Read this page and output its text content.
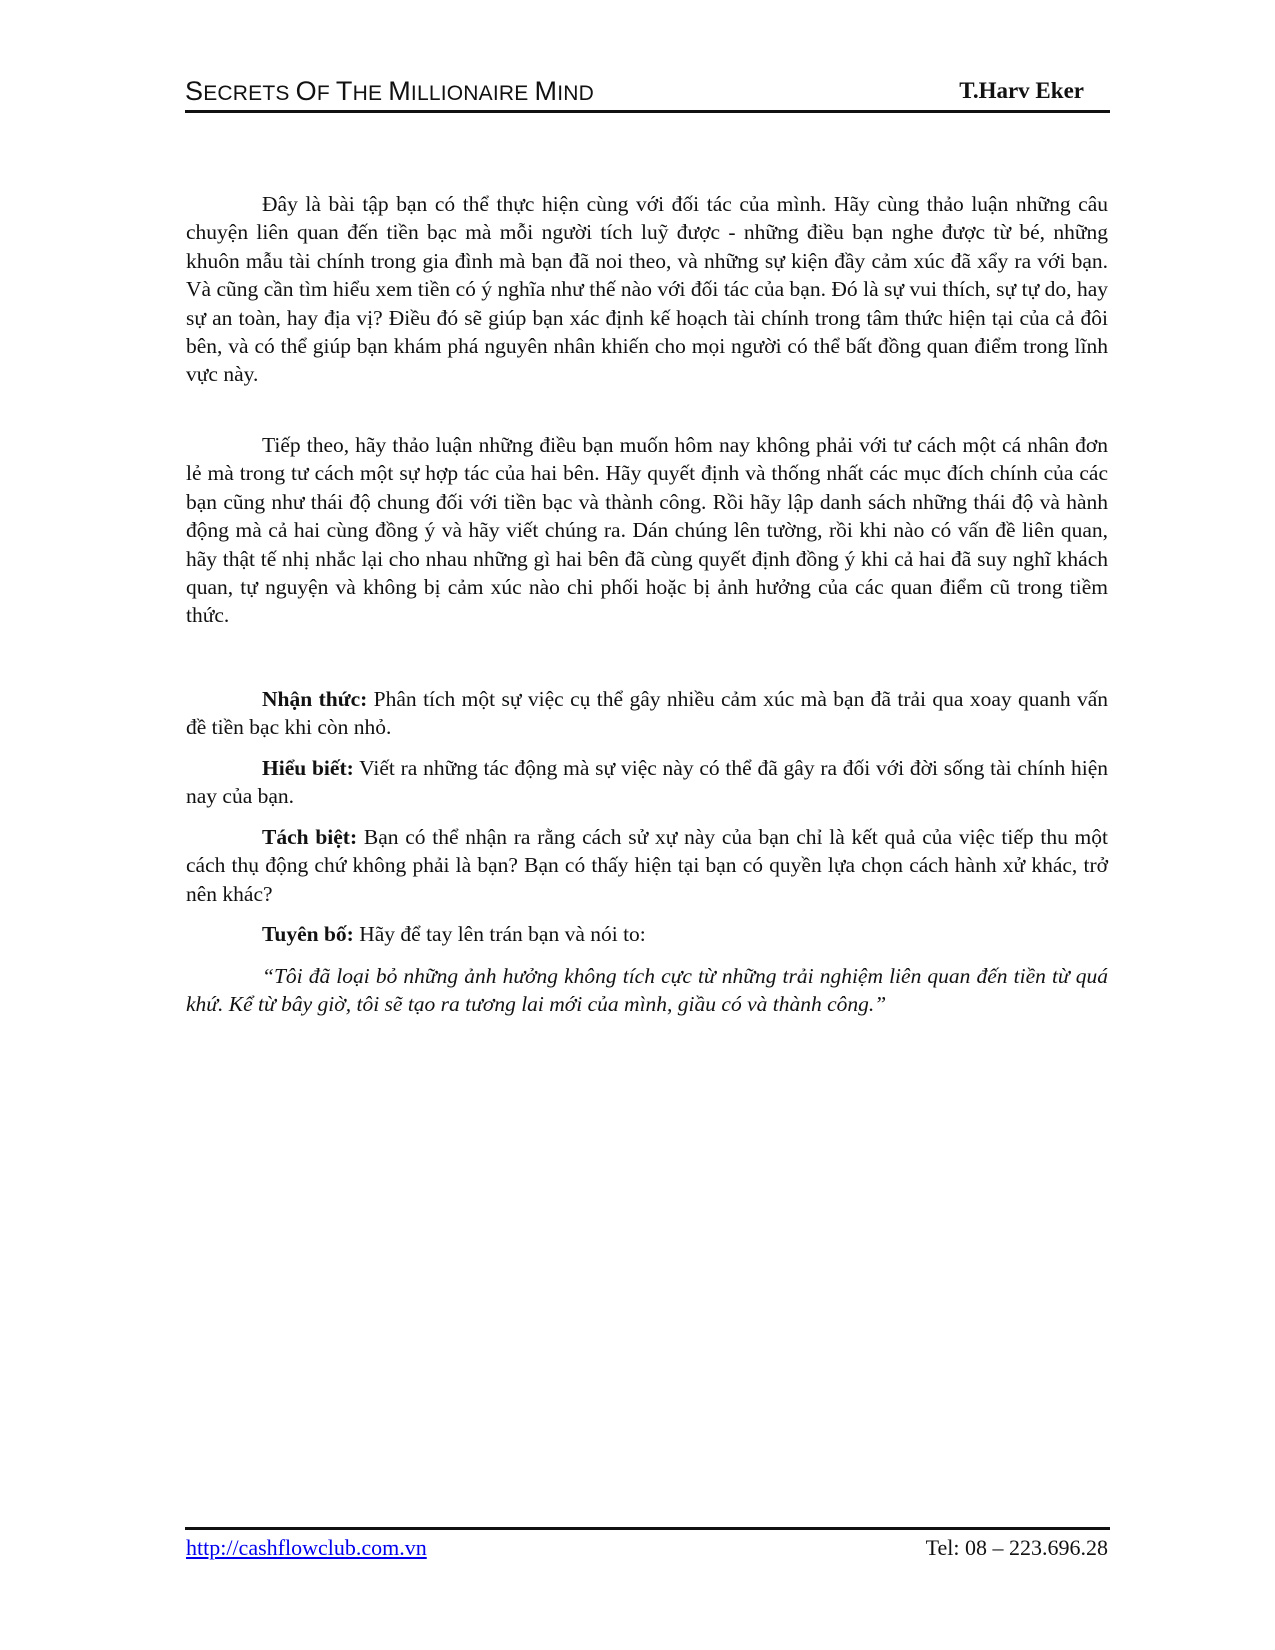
SECRETS OF THE MILLIONAIRE MIND	T.Harv Eker
Đây là bài tập bạn có thể thực hiện cùng với đối tác của mình. Hãy cùng thảo luận những câu chuyện liên quan đến tiền bạc mà mỗi người tích luỹ được - những điều bạn nghe được từ bé, những khuôn mẫu tài chính trong gia đình mà bạn đã noi theo, và những sự kiện đầy cảm xúc đã xẩy ra với bạn. Và cũng cần tìm hiểu xem tiền có ý nghĩa như thế nào với đối tác của bạn. Đó là sự vui thích, sự tự do, hay sự an toàn, hay địa vị? Điều đó sẽ giúp bạn xác định kế hoạch tài chính trong tâm thức hiện tại của cả đôi bên, và có thể giúp bạn khám phá nguyên nhân khiến cho mọi người có thể bất đồng quan điểm trong lĩnh vực này.
Tiếp theo, hãy thảo luận những điều bạn muốn hôm nay không phải với tư cách một cá nhân đơn lẻ mà trong tư cách một sự hợp tác của hai bên. Hãy quyết định và thống nhất các mục đích chính của các bạn cũng như thái độ chung đối với tiền bạc và thành công. Rồi hãy lập danh sách những thái độ và hành động mà cả hai cùng đồng ý và hãy viết chúng ra. Dán chúng lên tường, rồi khi nào có vấn đề liên quan, hãy thật tế nhị nhắc lại cho nhau những gì hai bên đã cùng quyết định đồng ý khi cả hai đã suy nghĩ khách quan, tự nguyện và không bị cảm xúc nào chi phối hoặc bị ảnh hưởng của các quan điểm cũ trong tiềm thức.
Nhận thức: Phân tích một sự việc cụ thể gây nhiều cảm xúc mà bạn đã trải qua xoay quanh vấn đề tiền bạc khi còn nhỏ.
Hiểu biết: Viết ra những tác động mà sự việc này có thể đã gây ra đối với đời sống tài chính hiện nay của bạn.
Tách biệt: Bạn có thể nhận ra rằng cách sử xự này của bạn chỉ là kết quả của việc tiếp thu một cách thụ động chứ không phải là bạn? Bạn có thấy hiện tại bạn có quyền lựa chọn cách hành xử khác, trở nên khác?
Tuyên bố: Hãy để tay lên trán bạn và nói to:
“Tôi đã loại bỏ những ảnh hưởng không tích cực từ những trải nghiệm liên quan đến tiền từ quá khứ. Kể từ bây giờ, tôi sẽ tạo ra tương lai mới của mình, giầu có và thành công.”
http://cashflowclub.com.vn	Tel: 08 – 223.696.28
